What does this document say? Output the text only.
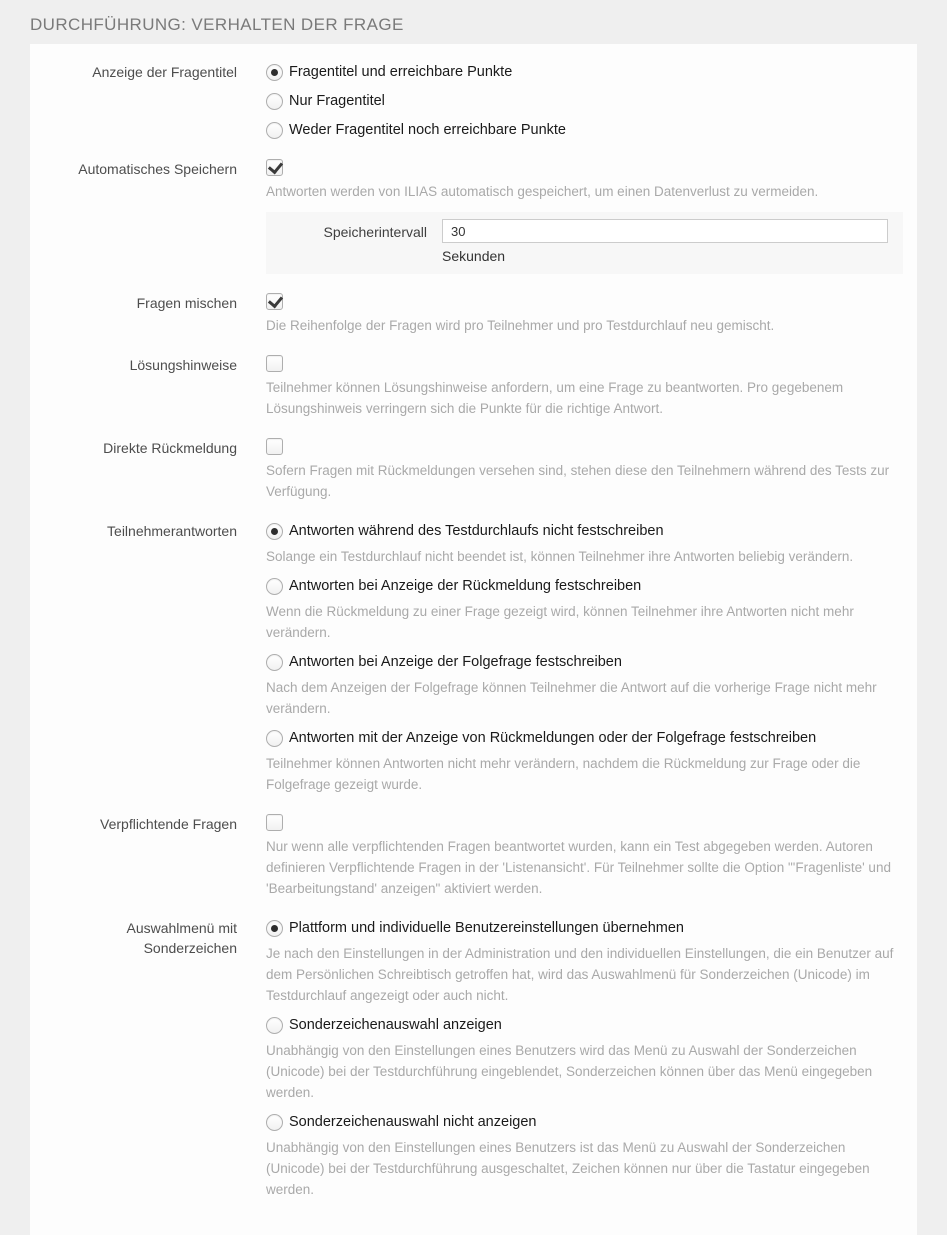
DURCHFÜHRUNG: VERHALTEN DER FRAGE
Anzeige der Fragentitel	Fragentitel und erreichbare Punkte
Nur Fragentitel
Weder Fragentitel noch erreichbare Punkte
Automatisches Speichern
Antworten werden von ILIAS automatisch gespeichert, um einen Datenverlust zu vermeiden.
Speicherintervall
30
Sekunden
Fragen mischen
Die Reihenfolge der Fragen wird pro Teilnehmer und pro Testdurchlauf neu gemischt.
Lösungshinweise
Teilnehmer können Lösungshinweise anfordern, um eine Frage zu beantworten. Pro gegebenem Lösungshinweis verringern sich die Punkte für die richtige Antwort.
Direkte Rückmeldung
Sofern Fragen mit Rückmeldungen versehen sind, stehen diese den Teilnehmern während des Tests zur Verfügung.
Teilnehmerantworten	Antworten während des Testdurchlaufs nicht festschreiben
Solange ein Testdurchlauf nicht beendet ist, können Teilnehmer ihre Antworten beliebig verändern.
Antworten bei Anzeige der Rückmeldung festschreiben
Wenn die Rückmeldung zu einer Frage gezeigt wird, können Teilnehmer ihre Antworten nicht mehr verändern.
Antworten bei Anzeige der Folgefrage festschreiben
Nach dem Anzeigen der Folgefrage können Teilnehmer die Antwort auf die vorherige Frage nicht mehr verändern.
Antworten mit der Anzeige von Rückmeldungen oder der Folgefrage festschreiben
Teilnehmer können Antworten nicht mehr verändern, nachdem die Rückmeldung zur Frage oder die Folgefrage gezeigt wurde.
Verpflichtende Fragen
Nur wenn alle verpflichtenden Fragen beantwortet wurden, kann ein Test abgegeben werden. Autoren definieren Verpflichtende Fragen in der 'Listenansicht'. Für Teilnehmer sollte die Option "'Fragenliste' und 'Bearbeitungstand' anzeigen" aktiviert werden.
Auswahlmenü mit Sonderzeichen
Plattform und individuelle Benutzereinstellungen übernehmen
Je nach den Einstellungen in der Administration und den individuellen Einstellungen, die ein Benutzer auf dem Persönlichen Schreibtisch getroffen hat, wird das Auswahlmenü für Sonderzeichen (Unicode) im Testdurchlauf angezeigt oder auch nicht.
Sonderzeichenauswahl anzeigen
Unabhängig von den Einstellungen eines Benutzers wird das Menü zu Auswahl der Sonderzeichen (Unicode) bei der Testdurchführung eingeblendet, Sonderzeichen können über das Menü eingegeben werden.
Sonderzeichenauswahl nicht anzeigen
Unabhängig von den Einstellungen eines Benutzers ist das Menü zu Auswahl der Sonderzeichen (Unicode) bei der Testdurchführung ausgeschaltet, Zeichen können nur über die Tastatur eingegeben werden.
